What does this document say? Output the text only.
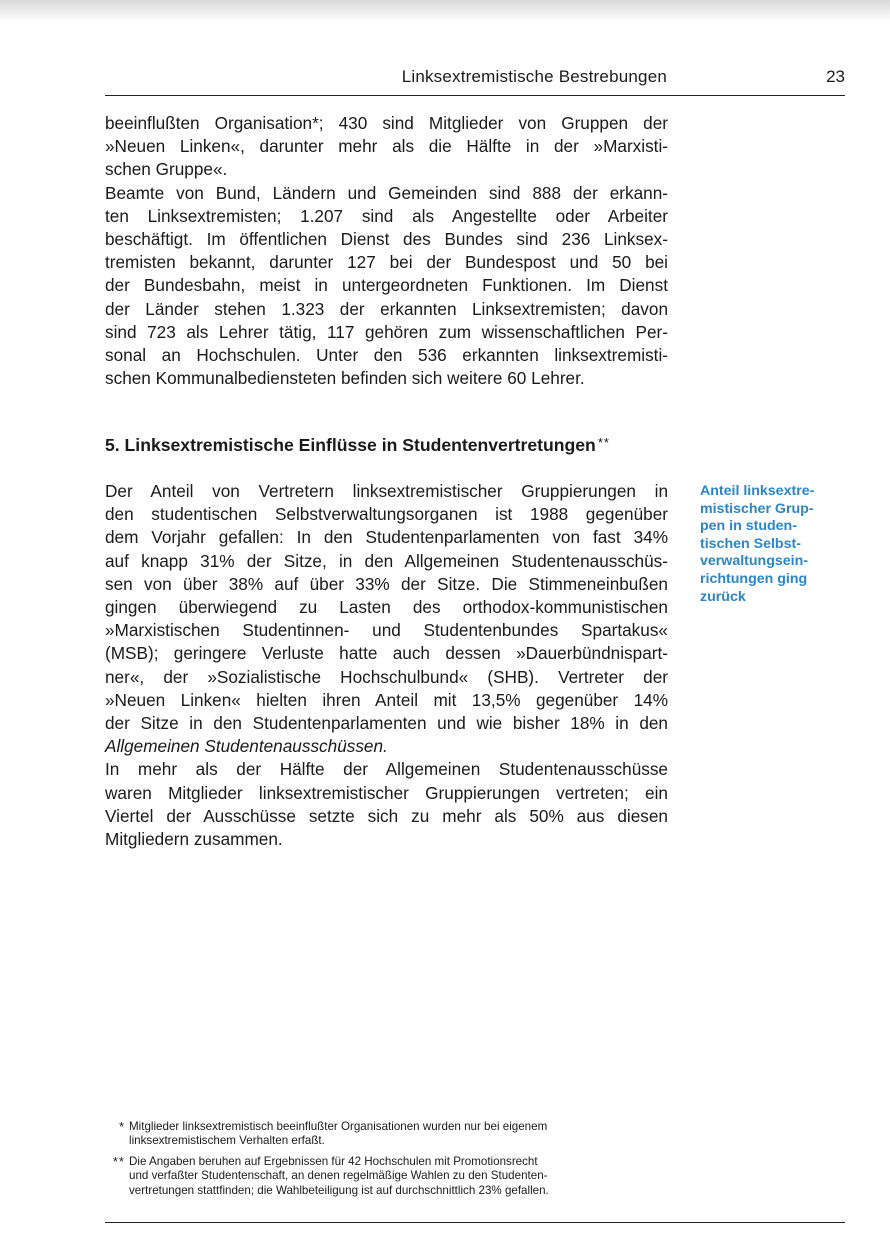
Linksextremistische Bestrebungen	23

beeinflußten Organisation*; 430 sind Mitglieder von Gruppen der
»Neuen Linken«, darunter mehr als die Hälfte in der »Marxisti-
schen Gruppe«.
Beamte von Bund, Ländern und Gemeinden sind 888 der erkann-
ten Linksextremisten; 1.207 sind als Angestellte oder Arbeiter
beschäftigt. Im öffentlichen Dienst des Bundes sind 236 Linksex-
tremisten bekannt, darunter 127 bei der Bundespost und 50 bei
der Bundesbahn, meist in untergeordneten Funktionen. Im Dienst
der Länder stehen 1.323 der erkannten Linksextremisten; davon
sind 723 als Lehrer tätig, 117 gehören zum wissenschaftlichen Per-
sonal an Hochschulen. Unter den 536 erkannten linksextremisti-
schen Kommunalbediensteten befinden sich weitere 60 Lehrer.

5. Linksextremistische Einflüsse in Studentenvertretungen **

Der Anteil von Vertretern linksextremistischer Gruppierungen in
den studentischen Selbstverwaltungsorganen ist 1988 gegenüber
dem Vorjahr gefallen: In den Studentenparlamenten von fast 34%
auf knapp 31% der Sitze, in den Allgemeinen Studentenausschüs-
sen von über 38% auf über 33% der Sitze. Die Stimmeneinbußen
gingen überwiegend zu Lasten des orthodox-kommunistischen
»Marxistischen Studentinnen- und Studentenbundes Spartakus«
(MSB); geringere Verluste hatte auch dessen »Dauerbündnispart-
ner«, der »Sozialistische Hochschulbund« (SHB). Vertreter der
»Neuen Linken« hielten ihren Anteil mit 13,5% gegenüber 14%
der Sitze in den Studentenparlamenten und wie bisher 18% in den
Allgemeinen Studentenausschüssen.
In mehr als der Hälfte der Allgemeinen Studentenausschüsse
waren Mitglieder linksextremistischer Gruppierungen vertreten; ein
Viertel der Ausschüsse setzte sich zu mehr als 50% aus diesen
Mitgliedern zusammen.

Anteil linksextre-
mistischer Grup-
pen in studen-
tischen Selbst-
verwaltungsein-
richtungen ging
zurück
* Mitglieder linksextremistisch beeinflußter Organisationen wurden nur bei eigenem
linksextremistischem Verhalten erfaßt.
** Die Angaben beruhen auf Ergebnissen für 42 Hochschulen mit Promotionsrecht
und verfaßter Studentenschaft, an denen regelmäßige Wahlen zu den Studenten-
vertretungen stattfinden; die Wahlbeteiligung ist auf durchschnittlich 23% gefallen.
